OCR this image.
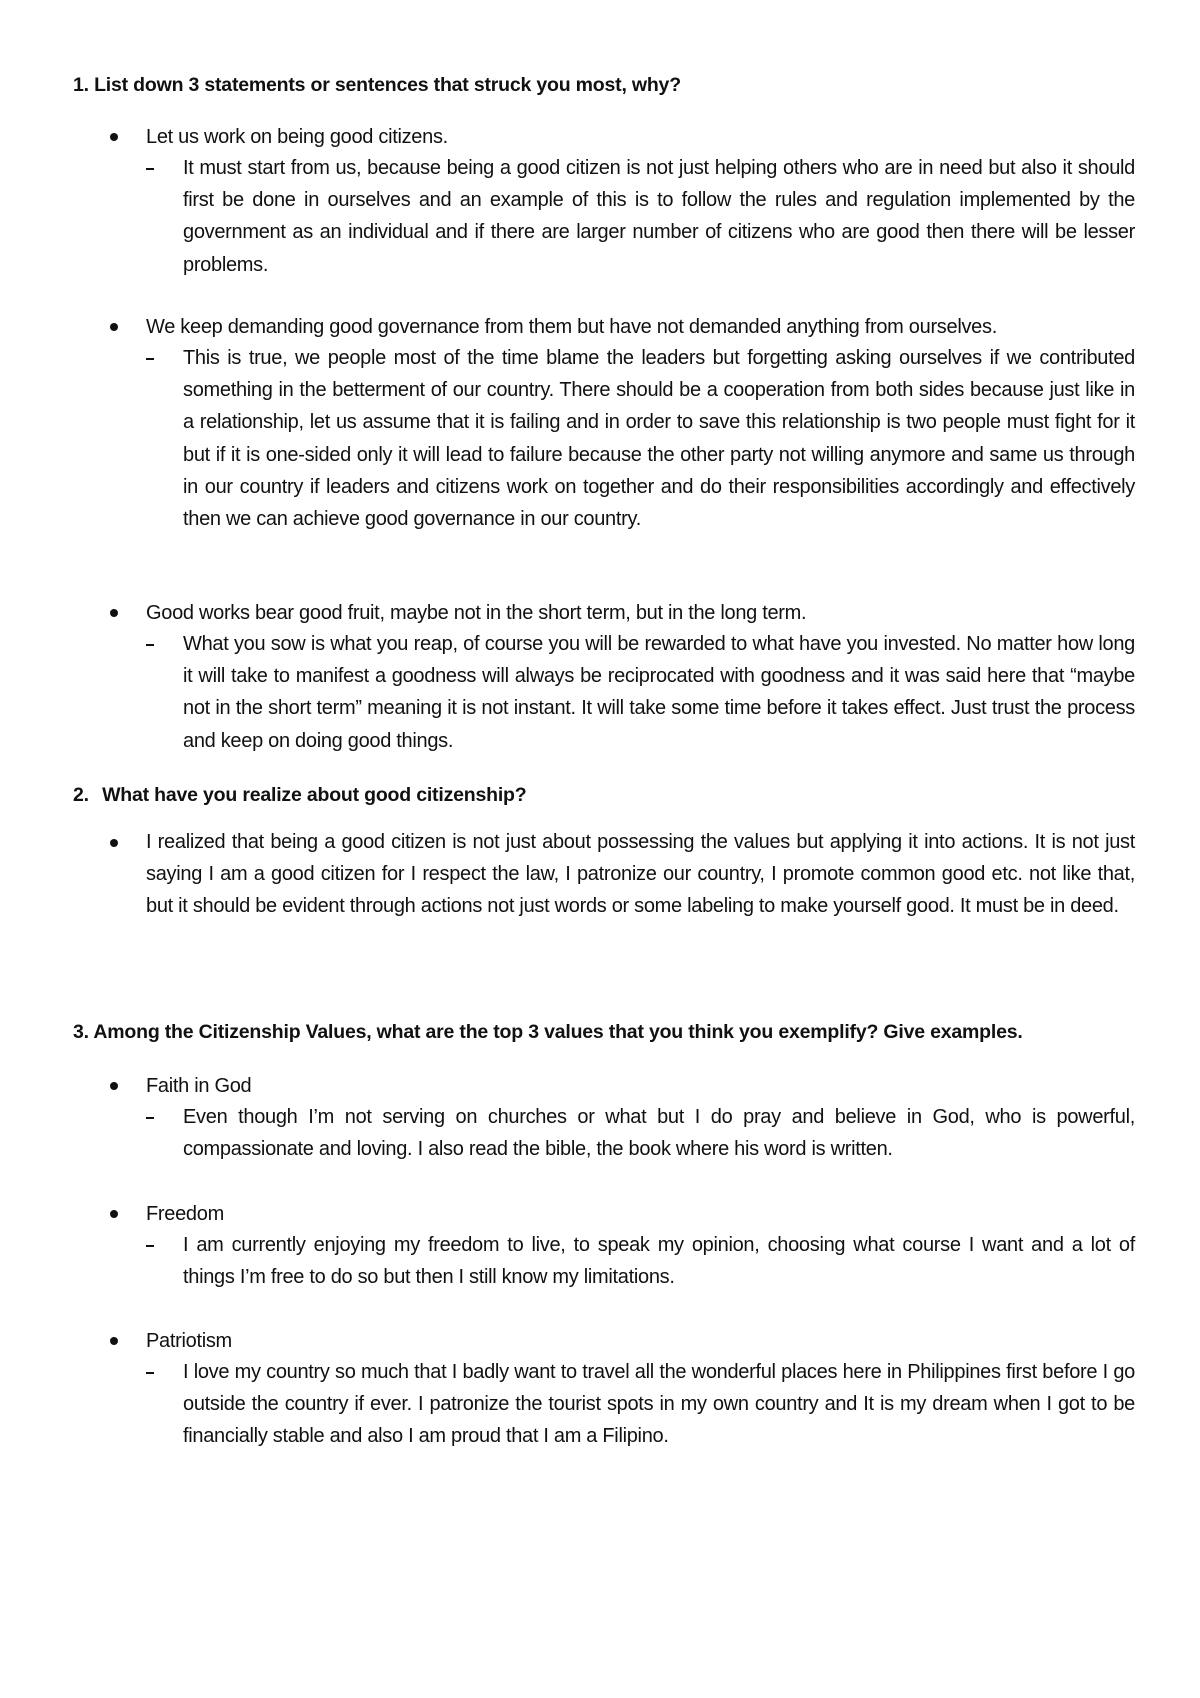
1. List down 3 statements or sentences that struck you most, why?
Let us work on being good citizens.
It must start from us, because being a good citizen is not just helping others who are in need but also it should first be done in ourselves and an example of this is to follow the rules and regulation implemented by the government as an individual and if there are larger number of citizens who are good then there will be lesser problems.
We keep demanding good governance from them but have not demanded anything from ourselves.
This is true, we people most of the time blame the leaders but forgetting asking ourselves if we contributed something in the betterment of our country. There should be a cooperation from both sides because just like in a relationship, let us assume that it is failing and in order to save this relationship is two people must fight for it but if it is one-sided only it will lead to failure because the other party not willing anymore and same us through in our country if leaders and citizens work on together and do their responsibilities accordingly and effectively then we can achieve good governance in our country.
Good works bear good fruit, maybe not in the short term, but in the long term.
What you sow is what you reap, of course you will be rewarded to what have you invested. No matter how long it will take to manifest a goodness will always be reciprocated with goodness and it was said here that “maybe not in the short term” meaning it is not instant. It will take some time before it takes effect. Just trust the process and keep on doing good things.
2. What have you realize about good citizenship?
I realized that being a good citizen is not just about possessing the values but applying it into actions. It is not just saying I am a good citizen for I respect the law, I patronize our country, I promote common good etc. not like that, but it should be evident through actions not just words or some labeling to make yourself good. It must be in deed.
3. Among the Citizenship Values, what are the top 3 values that you think you exemplify? Give examples.
Faith in God
Even though I’m not serving on churches or what but I do pray and believe in God, who is powerful, compassionate and loving. I also read the bible, the book where his word is written.
Freedom
I am currently enjoying my freedom to live, to speak my opinion, choosing what course I want and a lot of things I’m free to do so but then I still know my limitations.
Patriotism
I love my country so much that I badly want to travel all the wonderful places here in Philippines first before I go outside the country if ever. I patronize the tourist spots in my own country and It is my dream when I got to be financially stable and also I am proud that I am a Filipino.
